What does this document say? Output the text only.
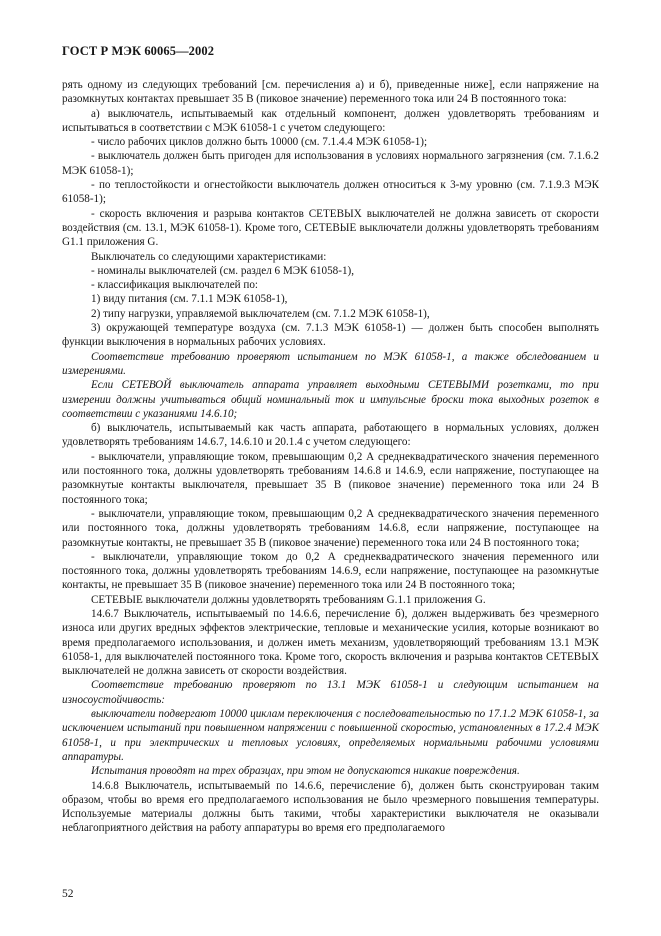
ГОСТ Р МЭК 60065—2002

рять одному из следующих требований [см. перечисления а) и б), приведенные ниже], если напряжение на разомкнутых контактах превышает 35 В (пиковое значение) переменного тока или 24 В постоянного тока:

а) выключатель, испытываемый как отдельный компонент, должен удовлетворять требованиям и испытываться в соответствии с МЭК 61058-1 с учетом следующего:

- число рабочих циклов должно быть 10000 (см. 7.1.4.4 МЭК 61058-1);

- выключатель должен быть пригоден для использования в условиях нормального загрязнения (см. 7.1.6.2 МЭК 61058-1);

- по теплостойкости и огнестойкости выключатель должен относиться к 3-му уровню (см. 7.1.9.3 МЭК 61058-1);

- скорость включения и разрыва контактов СЕТЕВЫХ выключателей не должна зависеть от скорости воздействия (см. 13.1, МЭК 61058-1). Кроме того, СЕТЕВЫЕ выключатели должны удовлетворять требованиям G1.1 приложения G.

Выключатель со следующими характеристиками:

- номиналы выключателей (см. раздел 6 МЭК 61058-1),

- классификация выключателей по:

1) виду питания (см. 7.1.1 МЭК 61058-1),

2) типу нагрузки, управляемой выключателем (см. 7.1.2 МЭК 61058-1),

3) окружающей температуре воздуха (см. 7.1.3 МЭК 61058-1) — должен быть способен выполнять функции выключения в нормальных рабочих условиях.

Соответствие требованию проверяют испытанием по МЭК 61058-1, а также обследованием и измерениями.

Если СЕТЕВОЙ выключатель аппарата управляет выходными СЕТЕВЫМИ розетками, то при измерении должны учитываться общий номинальный ток и импульсные броски тока выходных розеток в соответствии с указаниями 14.6.10;

б) выключатель, испытываемый как часть аппарата, работающего в нормальных условиях, должен удовлетворять требованиям 14.6.7, 14.6.10 и 20.1.4 с учетом следующего:

- выключатели, управляющие током, превышающим 0,2 А среднеквадратического значения переменного или постоянного тока, должны удовлетворять требованиям 14.6.8 и 14.6.9, если напряжение, поступающее на разомкнутые контакты выключателя, превышает 35 В (пиковое значение) переменного тока или 24 В постоянного тока;

- выключатели, управляющие током, превышающим 0,2 А среднеквадратического значения переменного или постоянного тока, должны удовлетворять требованиям 14.6.8, если напряжение, поступающее на разомкнутые контакты, не превышает 35 В (пиковое значение) переменного тока или 24 В постоянного тока;

- выключатели, управляющие током до 0,2 А среднеквадратического значения переменного или постоянного тока, должны удовлетворять требованиям 14.6.9, если напряжение, поступающее на разомкнутые контакты, не превышает 35 В (пиковое значение) переменного тока или 24 В постоянного тока;

СЕТЕВЫЕ выключатели должны удовлетворять требованиям G.1.1 приложения G.

14.6.7 Выключатель, испытываемый по 14.6.6, перечисление б), должен выдерживать без чрезмерного износа или других вредных эффектов электрические, тепловые и механические усилия, которые возникают во время предполагаемого использования, и должен иметь механизм, удовлетворяющий требованиям 13.1 МЭК 61058-1, для выключателей постоянного тока. Кроме того, скорость включения и разрыва контактов СЕТЕВЫХ выключателей не должна зависеть от скорости воздействия.

Соответствие требованию проверяют по 13.1 МЭК 61058-1 и следующим испытанием на износоустойчивость:

выключатели подвергают 10000 циклам переключения с последовательностью по 17.1.2 МЭК 61058-1, за исключением испытаний при повышенном напряжении с повышенной скоростью, установленных в 17.2.4 МЭК 61058-1, и при электрических и тепловых условиях, определяемых нормальными рабочими условиями аппаратуры.

Испытания проводят на трех образцах, при этом не допускаются никакие повреждения.

14.6.8 Выключатель, испытываемый по 14.6.6, перечисление б), должен быть сконструирован таким образом, чтобы во время его предполагаемого использования не было чрезмерного повышения температуры. Используемые материалы должны быть такими, чтобы характеристики выключателя не оказывали неблагоприятного действия на работу аппаратуры во время его предполагаемого

52
